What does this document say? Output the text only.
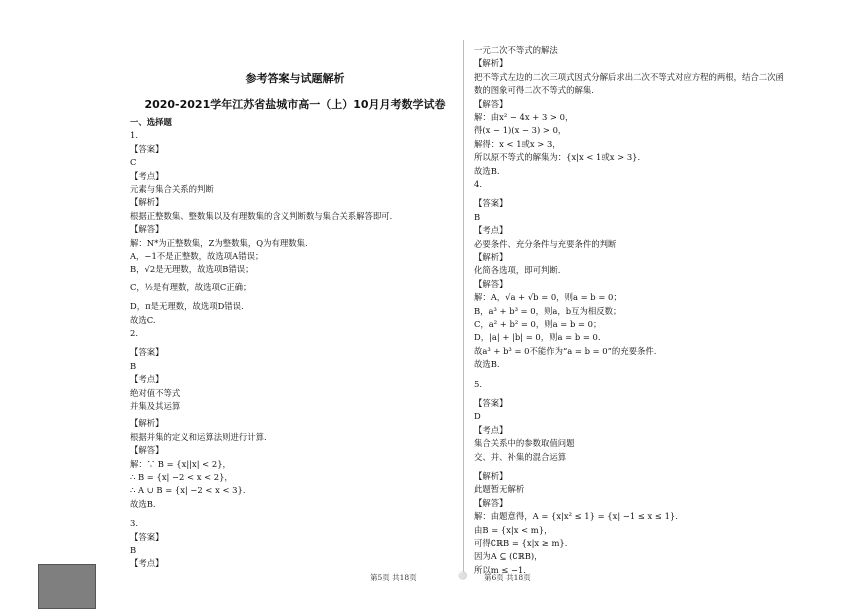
参考答案与试题解析
2020-2021学年江苏省盐城市高一（上）10月月考数学试卷
一、选择题
1.
【答案】
C
【考点】
元素与集合关系的判断
【解析】
根据正整数集、整数集以及有理数集的含义判断数与集合关系解答即可.
【解答】
解：N*为正整数集，Z为整数集，Q为有理数集.
A，−1不是正整数，故选项A错误；
B，√2是无理数，故选项B错误；
C，½是有理数，故选项C正确；
D，π是无理数，故选项D错误.
故选C.
2.
【答案】
B
【考点】
绝对值不等式
并集及其运算
【解析】
根据并集的定义和运算法则进行计算.
【解答】
解：∵ B = {x||x| < 2}，
∴ B = {x| −2 < x < 2}，
∴ A ∪ B = {x| −2 < x < 3}.
故选B.
3.
【答案】
B
【考点】
一元二次不等式的解法
【解析】
把不等式左边的二次三项式因式分解后求出二次不等式对应方程的两根，结合二次函
数的图象可得二次不等式的解集.
【解答】
解：由x² − 4x + 3 > 0，
得(x − 1)(x − 3) > 0，
解得：x < 1或x > 3，
所以原不等式的解集为：{x|x < 1或x > 3}.
故选B.
4.
【答案】
B
【考点】
必要条件、充分条件与充要条件的判断
【解析】
化简各选项，即可判断.
【解答】
解：A，√a + √b = 0，则a = b = 0；
B，a³ + b³ = 0，则a，b互为相反数；
C，a² + b² = 0，则a = b = 0；
D，|a| + |b| = 0，则a = b = 0.
故a³ + b³ = 0不能作为“a = b = 0”的充要条件.
故选B.
5.
【答案】
D
【考点】
集合关系中的参数取值问题
交、并、补集的混合运算
【解析】
此题暂无解析
【解答】
解：由题意得，A = {x|x² ≤ 1} = {x| −1 ≤ x ≤ 1}.
由B = {x|x < m}，
可得∁ℝB = {x|x ≥ m}.
因为A ⊆ (∁ℝB)，
所以m ≤ −1.
第5页 共18页	⚪ 第6页 共18页
